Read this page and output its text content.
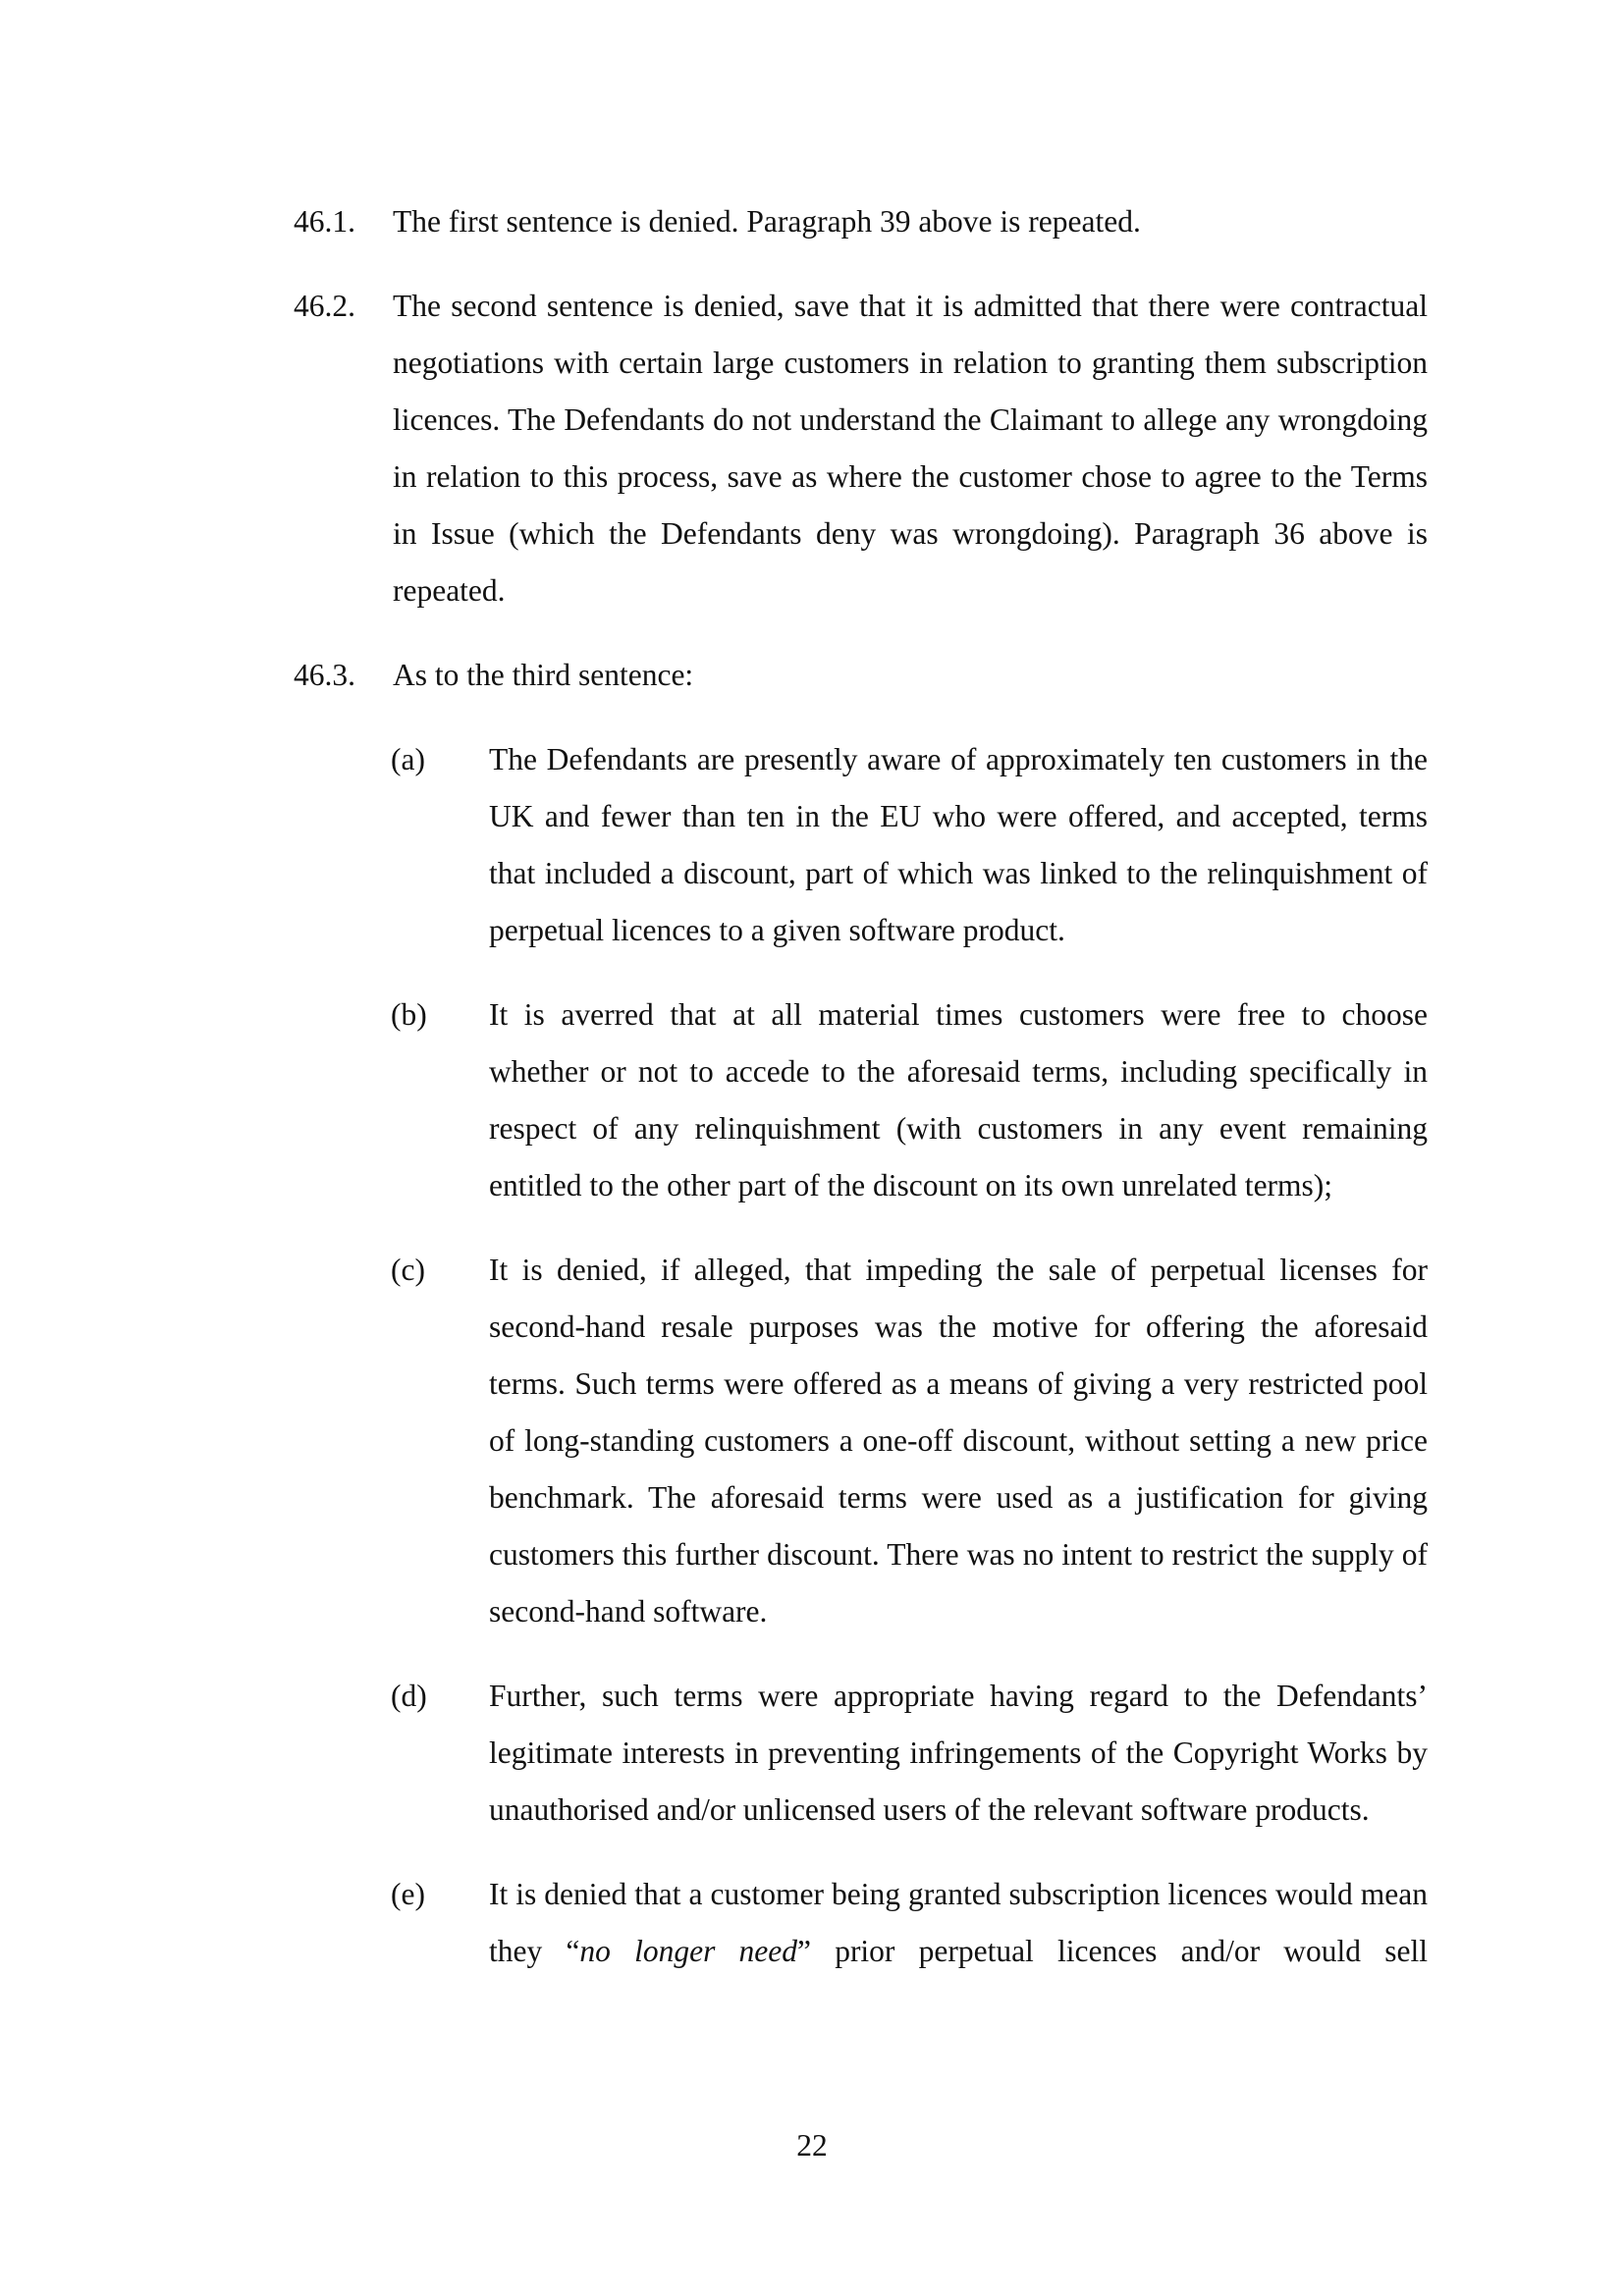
46.1. The first sentence is denied. Paragraph 39 above is repeated.
46.2. The second sentence is denied, save that it is admitted that there were contractual negotiations with certain large customers in relation to granting them subscription licences. The Defendants do not understand the Claimant to allege any wrongdoing in relation to this process, save as where the customer chose to agree to the Terms in Issue (which the Defendants deny was wrongdoing). Paragraph 36 above is repeated.
46.3. As to the third sentence:
(a) The Defendants are presently aware of approximately ten customers in the UK and fewer than ten in the EU who were offered, and accepted, terms that included a discount, part of which was linked to the relinquishment of perpetual licences to a given software product.
(b) It is averred that at all material times customers were free to choose whether or not to accede to the aforesaid terms, including specifically in respect of any relinquishment (with customers in any event remaining entitled to the other part of the discount on its own unrelated terms);
(c) It is denied, if alleged, that impeding the sale of perpetual licenses for second-hand resale purposes was the motive for offering the aforesaid terms. Such terms were offered as a means of giving a very restricted pool of long-standing customers a one-off discount, without setting a new price benchmark. The aforesaid terms were used as a justification for giving customers this further discount. There was no intent to restrict the supply of second-hand software.
(d) Further, such terms were appropriate having regard to the Defendants’ legitimate interests in preventing infringements of the Copyright Works by unauthorised and/or unlicensed users of the relevant software products.
(e) It is denied that a customer being granted subscription licences would mean they “no longer need” prior perpetual licences and/or would sell
22
